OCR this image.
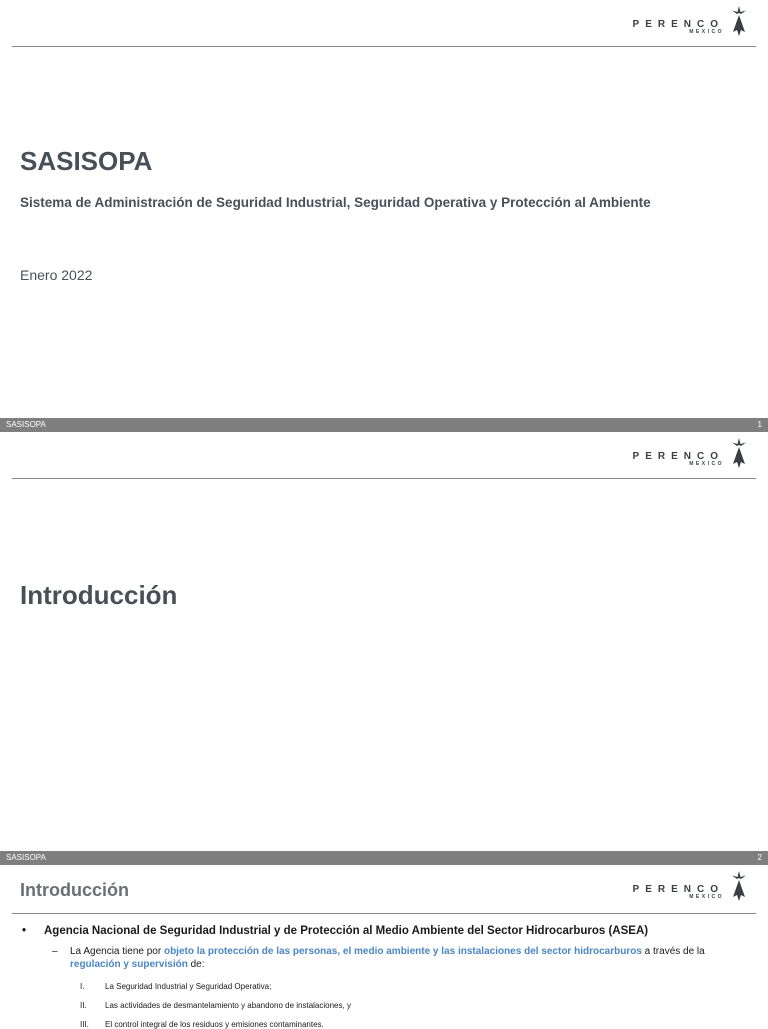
PERENCO
MEXICO
SASISOPA
Sistema de Administración de Seguridad Industrial, Seguridad Operativa y Protección al Ambiente
Enero 2022
SASISOPA	1
PERENCO
MEXICO
Introducción
SASISOPA	2
Introducción	PERENCO
MEXICO
•	Agencia Nacional de Seguridad Industrial y de Protección al Medio Ambiente del Sector Hidrocarburos (ASEA)
–	La Agencia tiene por objeto la protección de las personas, el medio ambiente y las instalaciones del sector hidrocarburos a través de la regulación y supervisión de:
I.	La Seguridad Industrial y Seguridad Operativa;
II.	Las actividades de desmantelamiento y abandono de instalaciones, y
III.	El control integral de los residuos y emisiones contaminantes.
